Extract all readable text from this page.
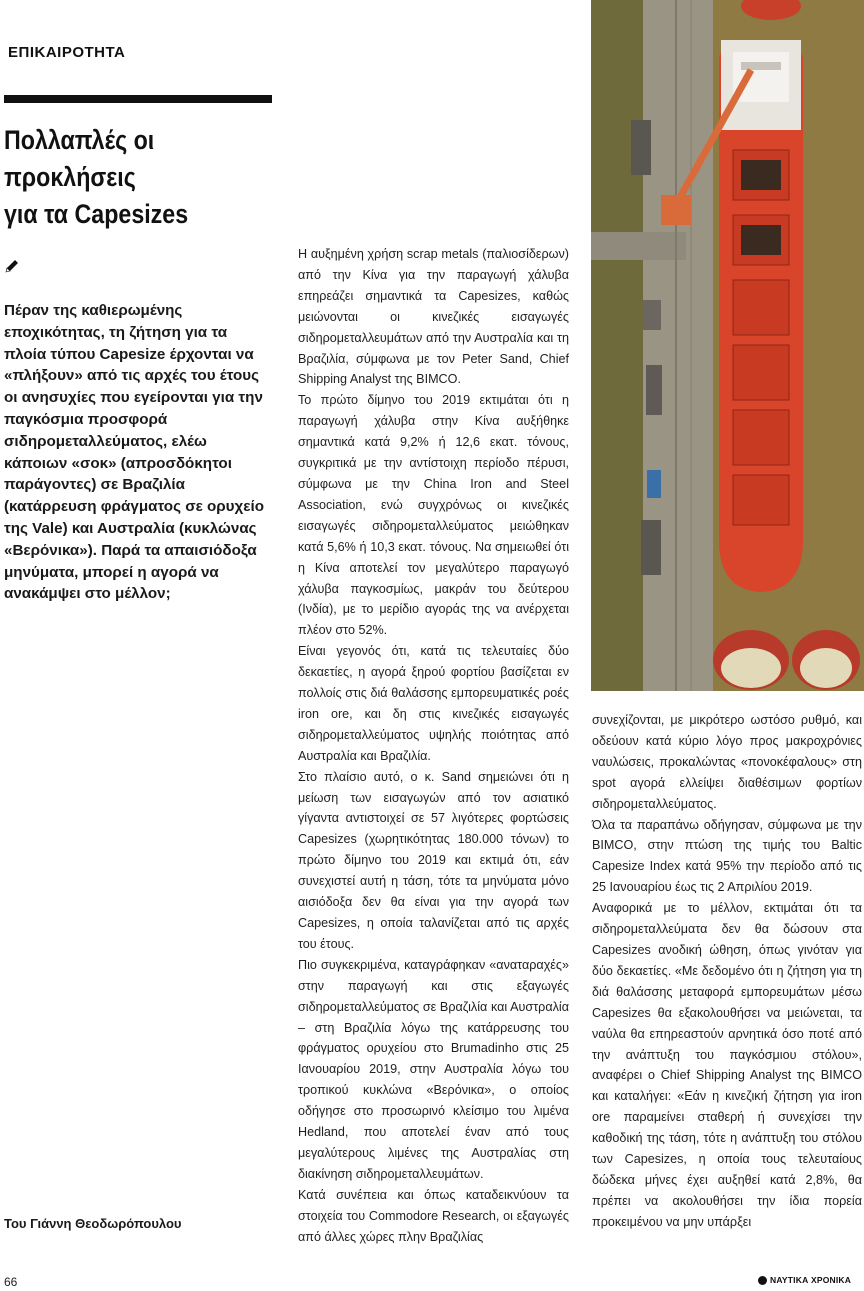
ΕΠΙΚΑΙΡΟΤΗΤΑ
Πολλαπλές οι προκλήσεις
για τα Capesizes
Πέραν της καθιερωμένης εποχικότητας, τη ζήτηση για τα πλοία τύπου Capesize έρχονται να «πλήξουν» από τις αρχές του έτους οι ανησυχίες που εγείρονται για την παγκόσμια προσφορά σιδηρομεταλλεύματος, ελέω κάποιων «σοκ» (απροσδόκητοι παράγοντες) σε Βραζιλία (κατάρρευση φράγματος σε ορυχείο της Vale) και Αυστραλία (κυκλώνας «Βερόνικα»). Παρά τα απαισιόδοξα μηνύματα, μπορεί η αγορά να ανακάμψει στο μέλλον;
Του Γιάννη Θεοδωρόπουλου

Η αυξημένη χρήση scrap metals (παλιοσίδερων) από την Κίνα για την παραγωγή χάλυβα επηρεάζει σημαντικά τα Capesizes, καθώς μειώνονται οι κινεζικές εισαγωγές σιδηρομεταλλευμάτων από την Αυστραλία και τη Βραζιλία, σύμφωνα με τον Peter Sand, Chief Shipping Analyst της BIMCO.

Το πρώτο δίμηνο του 2019 εκτιμάται ότι η παραγωγή χάλυβα στην Κίνα αυξήθηκε σημαντικά κατά 9,2% ή 12,6 εκατ. τόνους, συγκριτικά με την αντίστοιχη περίοδο πέρυσι, σύμφωνα με την China Iron and Steel Association, ενώ συγχρόνως οι κινεζικές εισαγωγές σιδηρομεταλλεύματος μειώθηκαν κατά 5,6% ή 10,3 εκατ. τόνους. Να σημειωθεί ότι η Κίνα αποτελεί τον μεγαλύτερο παραγωγό χάλυβα παγκοσμίως, μακράν του δεύτερου (Ινδία), με το μερίδιο αγοράς της να ανέρχεται πλέον στο 52%.

Είναι γεγονός ότι, κατά τις τελευταίες δύο δεκαετίες, η αγορά ξηρού φορτίου βασίζεται εν πολλοίς στις διά θαλάσσης εμπορευματικές ροές iron ore, και δη στις κινεζικές εισαγωγές σιδηρομεταλλεύματος υψηλής ποιότητας από Αυστραλία και Βραζιλία.

Στο πλαίσιο αυτό, ο κ. Sand σημειώνει ότι η μείωση των εισαγωγών από τον ασιατικό γίγαντα αντιστοιχεί σε 57 λιγότερες φορτώσεις Capesizes (χωρητικότητας 180.000 τόνων) το πρώτο δίμηνο του 2019 και εκτιμά ότι, εάν συνεχιστεί αυτή η τάση, τότε τα μηνύματα μόνο αισιόδοξα δεν θα είναι για την αγορά των Capesizes, η οποία ταλανίζεται από τις αρχές του έτους.

Πιο συγκεκριμένα, καταγράφηκαν «αναταραχές» στην παραγωγή και στις εξαγωγές σιδηρομεταλλεύματος σε Βραζιλία και Αυστραλία – στη Βραζιλία λόγω της κατάρρευσης του φράγματος ορυχείου στο Brumadinho στις 25 Ιανουαρίου 2019, στην Αυστραλία λόγω του τροπικού κυκλώνα «Βερόνικα», ο οποίος οδήγησε στο προσωρινό κλείσιμο του λιμένα Hedland, που αποτελεί έναν από τους μεγαλύτερους λιμένες της Αυστραλίας στη διακίνηση σιδηρομεταλλευμάτων.

Κατά συνέπεια και όπως καταδεικνύουν τα στοιχεία του Commodore Research, οι εξαγωγές από άλλες χώρες πλην Βραζιλίας

συνεχίζονται, με μικρότερο ωστόσο ρυθμό, και οδεύουν κατά κύριο λόγο προς μακροχρόνιες ναυλώσεις, προκαλώντας «πονοκέφαλους» στη spot αγορά ελλείψει διαθέσιμων φορτίων σιδηρομεταλλεύματος.

Όλα τα παραπάνω οδήγησαν, σύμφωνα με την BIMCO, στην πτώση της τιμής του Baltic Capesize Index κατά 95% την περίοδο από τις 25 Ιανουαρίου έως τις 2 Απριλίου 2019.

Αναφορικά με το μέλλον, εκτιμάται ότι τα σιδηρομεταλλεύματα δεν θα δώσουν στα Capesizes ανοδική ώθηση, όπως γινόταν για δύο δεκαετίες. «Με δεδομένο ότι η ζήτηση για τη διά θαλάσσης μεταφορά εμπορευμάτων μέσω Capesizes θα εξακολουθήσει να μειώνεται, τα ναύλα θα επηρεαστούν αρνητικά όσο ποτέ από την ανάπτυξη του παγκόσμιου στόλου», αναφέρει ο Chief Shipping Analyst της BIMCO και καταλήγει: «Εάν η κινεζική ζήτηση για iron ore παραμείνει σταθερή ή συνεχίσει την καθοδική της τάση, τότε η ανάπτυξη του στόλου των Capesizes, η οποία τους τελευταίους δώδεκα μήνες έχει αυξηθεί κατά 2,8%, θα πρέπει να ακολουθήσει την ίδια πορεία προκειμένου να μην υπάρξει

66	ΝΑΥΤΙΚΑ ΧΡΟΝΙΚΑ
